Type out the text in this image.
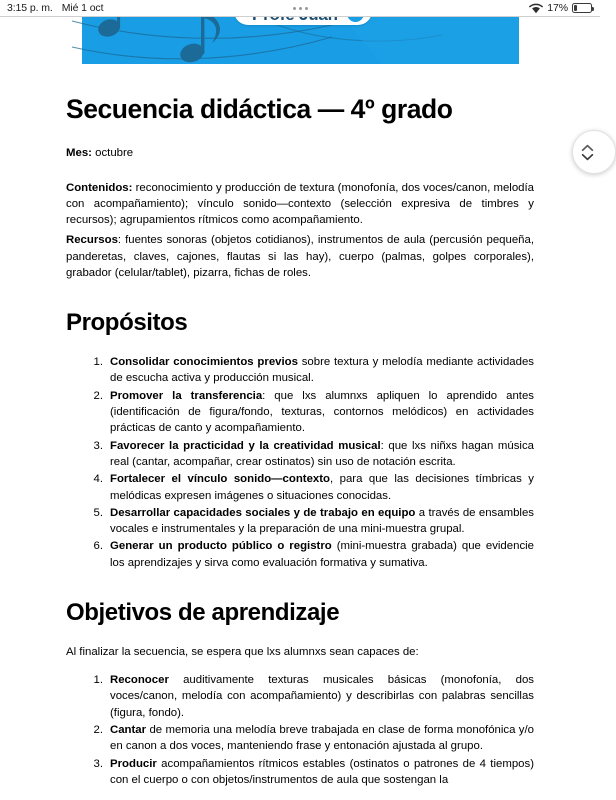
3:15 p. m. Mié 1 oct	17%
Secuencia didáctica — 4º grado

Mes: octubre

Contenidos: reconocimiento y producción de textura (monofonía, dos voces/canon, melodía con acompañamiento); vínculo sonido—contexto (selección expresiva de timbres y recursos); agrupamientos rítmicos como acompañamiento.

Recursos: fuentes sonoras (objetos cotidianos), instrumentos de aula (percusión pequeña, panderetas, claves, cajones, flautas si las hay), cuerpo (palmas, golpes corporales), grabador (celular/tablet), pizarra, fichas de roles.

Propósitos
Consolidar conocimientos previos sobre textura y melodía mediante actividades de escucha activa y producción musical.
Promover la transferencia: que lxs alumnxs apliquen lo aprendido antes (identificación de figura/fondo, texturas, contornos melódicos) en actividades prácticas de canto y acompañamiento.
Favorecer la practicidad y la creatividad musical: que lxs niñxs hagan música real (cantar, acompañar, crear ostinatos) sin uso de notación escrita.
Fortalecer el vínculo sonido—contexto, para que las decisiones tímbricas y melódicas expresen imágenes o situaciones conocidas.
Desarrollar capacidades sociales y de trabajo en equipo a través de ensambles vocales e instrumentales y la preparación de una mini-muestra grupal.
Generar un producto público o registro (mini-muestra grabada) que evidencie los aprendizajes y sirva como evaluación formativa y sumativa.
Objetivos de aprendizaje

Al finalizar la secuencia, se espera que lxs alumnxs sean capaces de:

Reconocer auditivamente texturas musicales básicas (monofonía, dos voces/canon, melodía con acompañamiento) y describirlas con palabras sencillas (figura, fondo).
Cantar de memoria una melodía breve trabajada en clase de forma monofónica y/o en canon a dos voces, manteniendo frase y entonación ajustada al grupo.
Producir acompañamientos rítmicos estables (ostinatos o patrones de 4 tiempos) con el cuerpo o con objetos/instrumentos de aula que sostengan la
